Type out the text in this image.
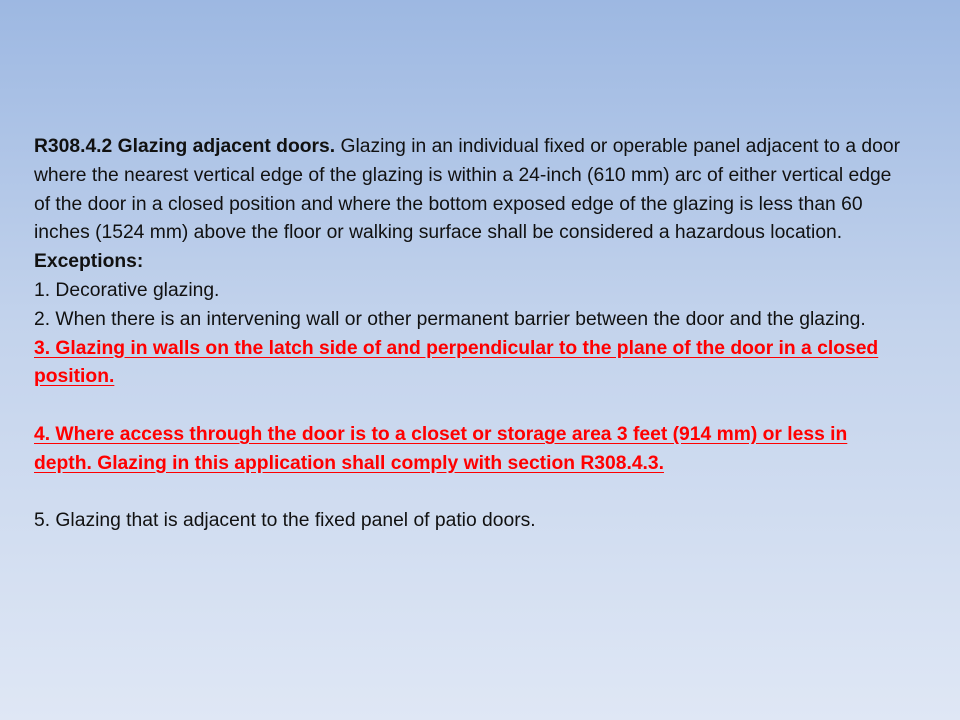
R308.4.2 Glazing adjacent doors. Glazing in an individual fixed or operable panel adjacent to a door where the nearest vertical edge of the glazing is within a 24-inch (610 mm) arc of either vertical edge of the door in a closed position and where the bottom exposed edge of the glazing is less than 60 inches (1524 mm) above the floor or walking surface shall be considered a hazardous location.

Exceptions:

1. Decorative glazing.

2. When there is an intervening wall or other permanent barrier between the door and the glazing.

3. Glazing in walls on the latch side of and perpendicular to the plane of the door in a closed position.

4. Where access through the door is to a closet or storage area 3 feet (914 mm) or less in depth. Glazing in this application shall comply with section R308.4.3.

5. Glazing that is adjacent to the fixed panel of patio doors.
